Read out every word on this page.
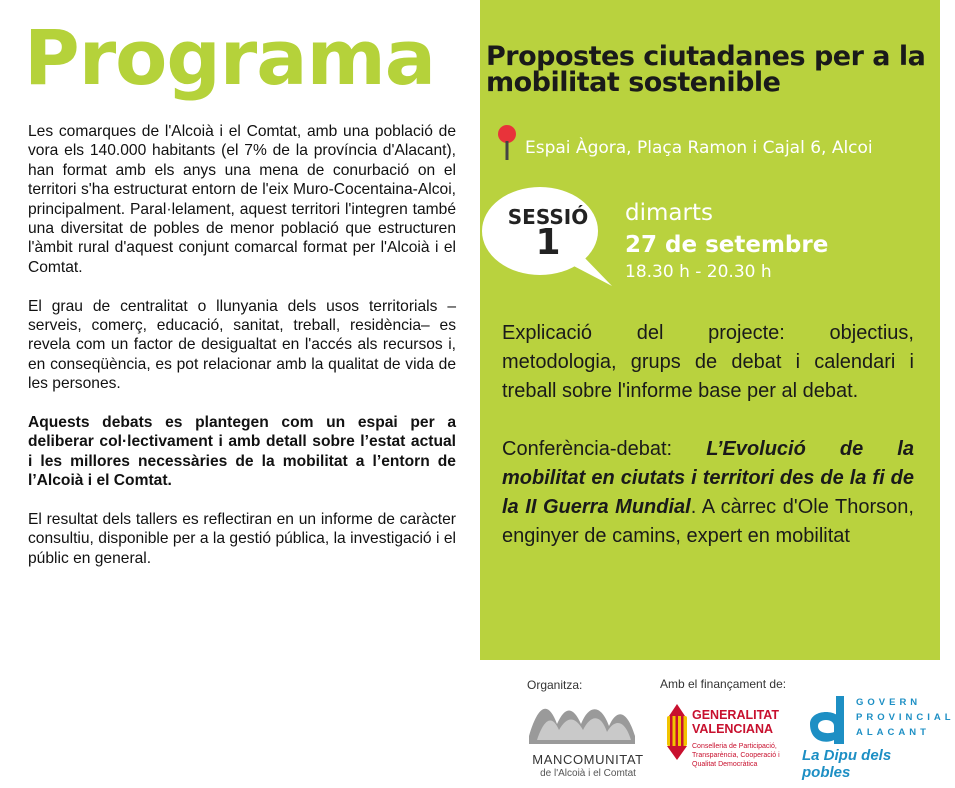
Programa

Les comarques de l'Alcoià i el Comtat, amb una població de vora els 140.000 habitants (el 7% de la província d'Alacant), han format amb els anys una mena de conurbació on el territori s'ha estructurat entorn de l'eix Muro-Cocentaina-Alcoi, principalment. Paral·lelament, aquest territori l'integren també una diversitat de pobles de menor població que estructuren l'àmbit rural d'aquest conjunt comarcal format per l'Alcoià i el Comtat.

El grau de centralitat o llunyania dels usos territorials –serveis, comerç, educació, sanitat, treball, residència– es revela com un factor de desigualtat en l'accés als recursos i, en conseqüència, es pot relacionar amb la qualitat de vida de les persones.

Aquests debats es plantegen com un espai per a deliberar col·lectivament i amb detall sobre l’estat actual i les millores necessàries de la mobilitat a l’entorn de l’Alcoià i el Comtat.

El resultat dels tallers es reflectiran en un informe de caràcter consultiu, disponible per a la gestió pública, la investigació i el públic en general.

Propostes ciutadanes per a la mobilitat sostenible
Espai Àgora, Plaça Ramon i Cajal 6, Alcoi
SESSIÓ
1
dimarts
27 de setembre
18.30 h - 20.30 h

Explicació del projecte: objectius, metodologia, grups de debat i calendari i treball sobre l'informe base per al debat.

Conferència-debat: L’Evolució de la mobilitat en ciutats i territori des de la fi de la II Guerra Mundial. A càrrec d'Ole Thorson, enginyer de camins, expert en mobilitat

Organitza:	Amb el finançament de:
MANCOMUNITAT
de l'Alcoià i el Comtat
GENERALITAT
VALENCIANA
Conselleria de Participació, Transparència, Cooperació i Qualitat Democràtica
GOVERN
PROVINCIAL
ALACANT
La Dipu dels pobles
